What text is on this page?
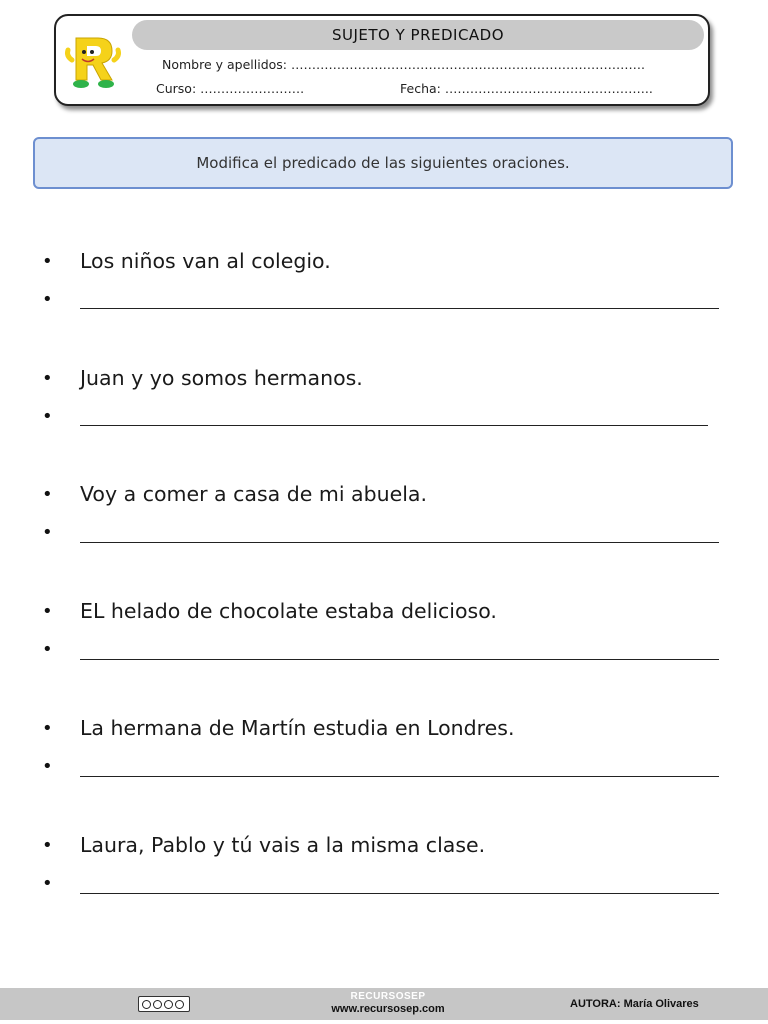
SUJETO Y PREDICADO
Nombre y apellidos: ………………………………………………………………………….
Curso: …………………….	Fecha: …………………………………………..
Modifica el predicado de las siguientes oraciones.
• Los niños van al colegio.
•
• Juan y yo somos hermanos.
•
• Voy a comer a casa de mi abuela.
•
• EL helado de chocolate estaba delicioso.
•
• La hermana de Martín estudia en Londres.
•
• Laura, Pablo y tú vais a la misma clase.
•
RECURSOSEP
www.recursosep.com	AUTORA: María Olivares
